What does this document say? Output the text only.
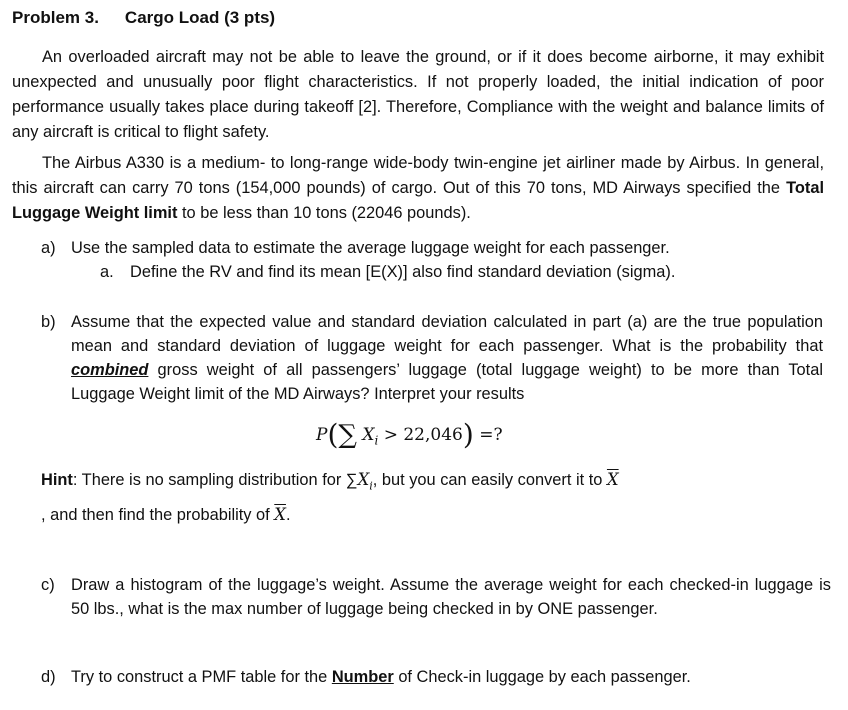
Problem 3. Cargo Load (3 pts)
An overloaded aircraft may not be able to leave the ground, or if it does become airborne, it may exhibit unexpected and unusually poor flight characteristics. If not properly loaded, the initial indication of poor performance usually takes place during takeoff [2]. Therefore, Compliance with the weight and balance limits of any aircraft is critical to flight safety.
The Airbus A330 is a medium- to long-range wide-body twin-engine jet airliner made by Airbus. In general, this aircraft can carry 70 tons (154,000 pounds) of cargo. Out of this 70 tons, MD Airways specified the Total Luggage Weight limit to be less than 10 tons (22046 pounds).
a) Use the sampled data to estimate the average luggage weight for each passenger.
a. Define the RV and find its mean [E(X)] also find standard deviation (sigma).
b) Assume that the expected value and standard deviation calculated in part (a) are the true population mean and standard deviation of luggage weight for each passenger. What is the probability that combined gross weight of all passengers’ luggage (total luggage weight) to be more than Total Luggage Weight limit of the MD Airways? Interpret your results
P(∑ $X_i > 22,046$) =?
Hint: There is no sampling distribution for $\sum X_i$, but you can easily convert it to $\overline{X}$
, and then find the probability of $\overline{X}$.
c) Draw a histogram of the luggage’s weight. Assume the average weight for each checked-in luggage is 50 lbs., what is the max number of luggage being checked in by ONE passenger.
d) Try to construct a PMF table for the Number of Check-in luggage by each passenger.
